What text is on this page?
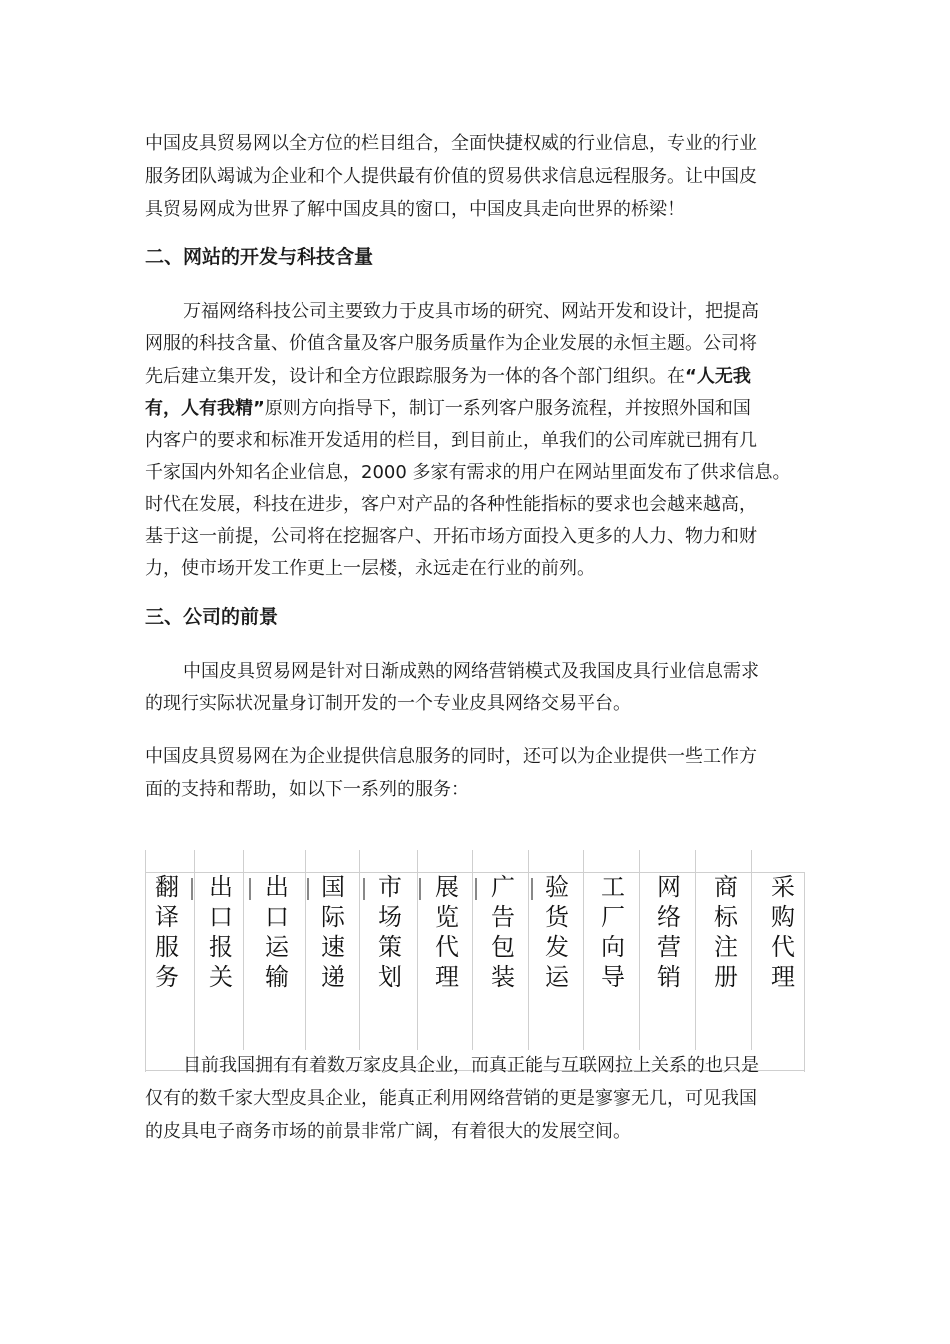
中国皮具贸易网以全方位的栏目组合，全面快捷权威的行业信息，专业的行业
服务团队竭诚为企业和个人提供最有价值的贸易供求信息远程服务。让中国皮
具贸易网成为世界了解中国皮具的窗口，中国皮具走向世界的桥梁！
二、网站的开发与科技含量
万福网络科技公司主要致力于皮具市场的研究、网站开发和设计，把提高
网服的科技含量、价值含量及客户服务质量作为企业发展的永恒主题。公司将
先后建立集开发，设计和全方位跟踪服务为一体的各个部门组织。在“人无我
有，人有我精”原则方向指导下，制订一系列客户服务流程，并按照外国和国
内客户的要求和标准开发适用的栏目，到目前止，单我们的公司库就已拥有几
千家国内外知名企业信息，2000 多家有需求的用户在网站里面发布了供求信息。
时代在发展，科技在进步，客户对产品的各种性能指标的要求也会越来越高，
基于这一前提，公司将在挖掘客户、开拓市场方面投入更多的人力、物力和财
力，使市场开发工作更上一层楼，永远走在行业的前列。
三、公司的前景
中国皮具贸易网是针对日渐成熟的网络营销模式及我国皮具行业信息需求
的现行实际状况量身订制开发的一个专业皮具网络交易平台。
中国皮具贸易网在为企业提供信息服务的同时，还可以为企业提供一些工作方
面的支持和帮助，如以下一系列的服务：
翻译服务
出口报关
出口运输
国际速递
市场策划
展览代理
广告包装
验货发运
工厂向导
网络营销
商标注册
采购代理
目前我国拥有有着数万家皮具企业，而真正能与互联网拉上关系的也只是
仅有的数千家大型皮具企业，能真正利用网络营销的更是寥寥无几，可见我国
的皮具电子商务市场的前景非常广阔，有着很大的发展空间。
